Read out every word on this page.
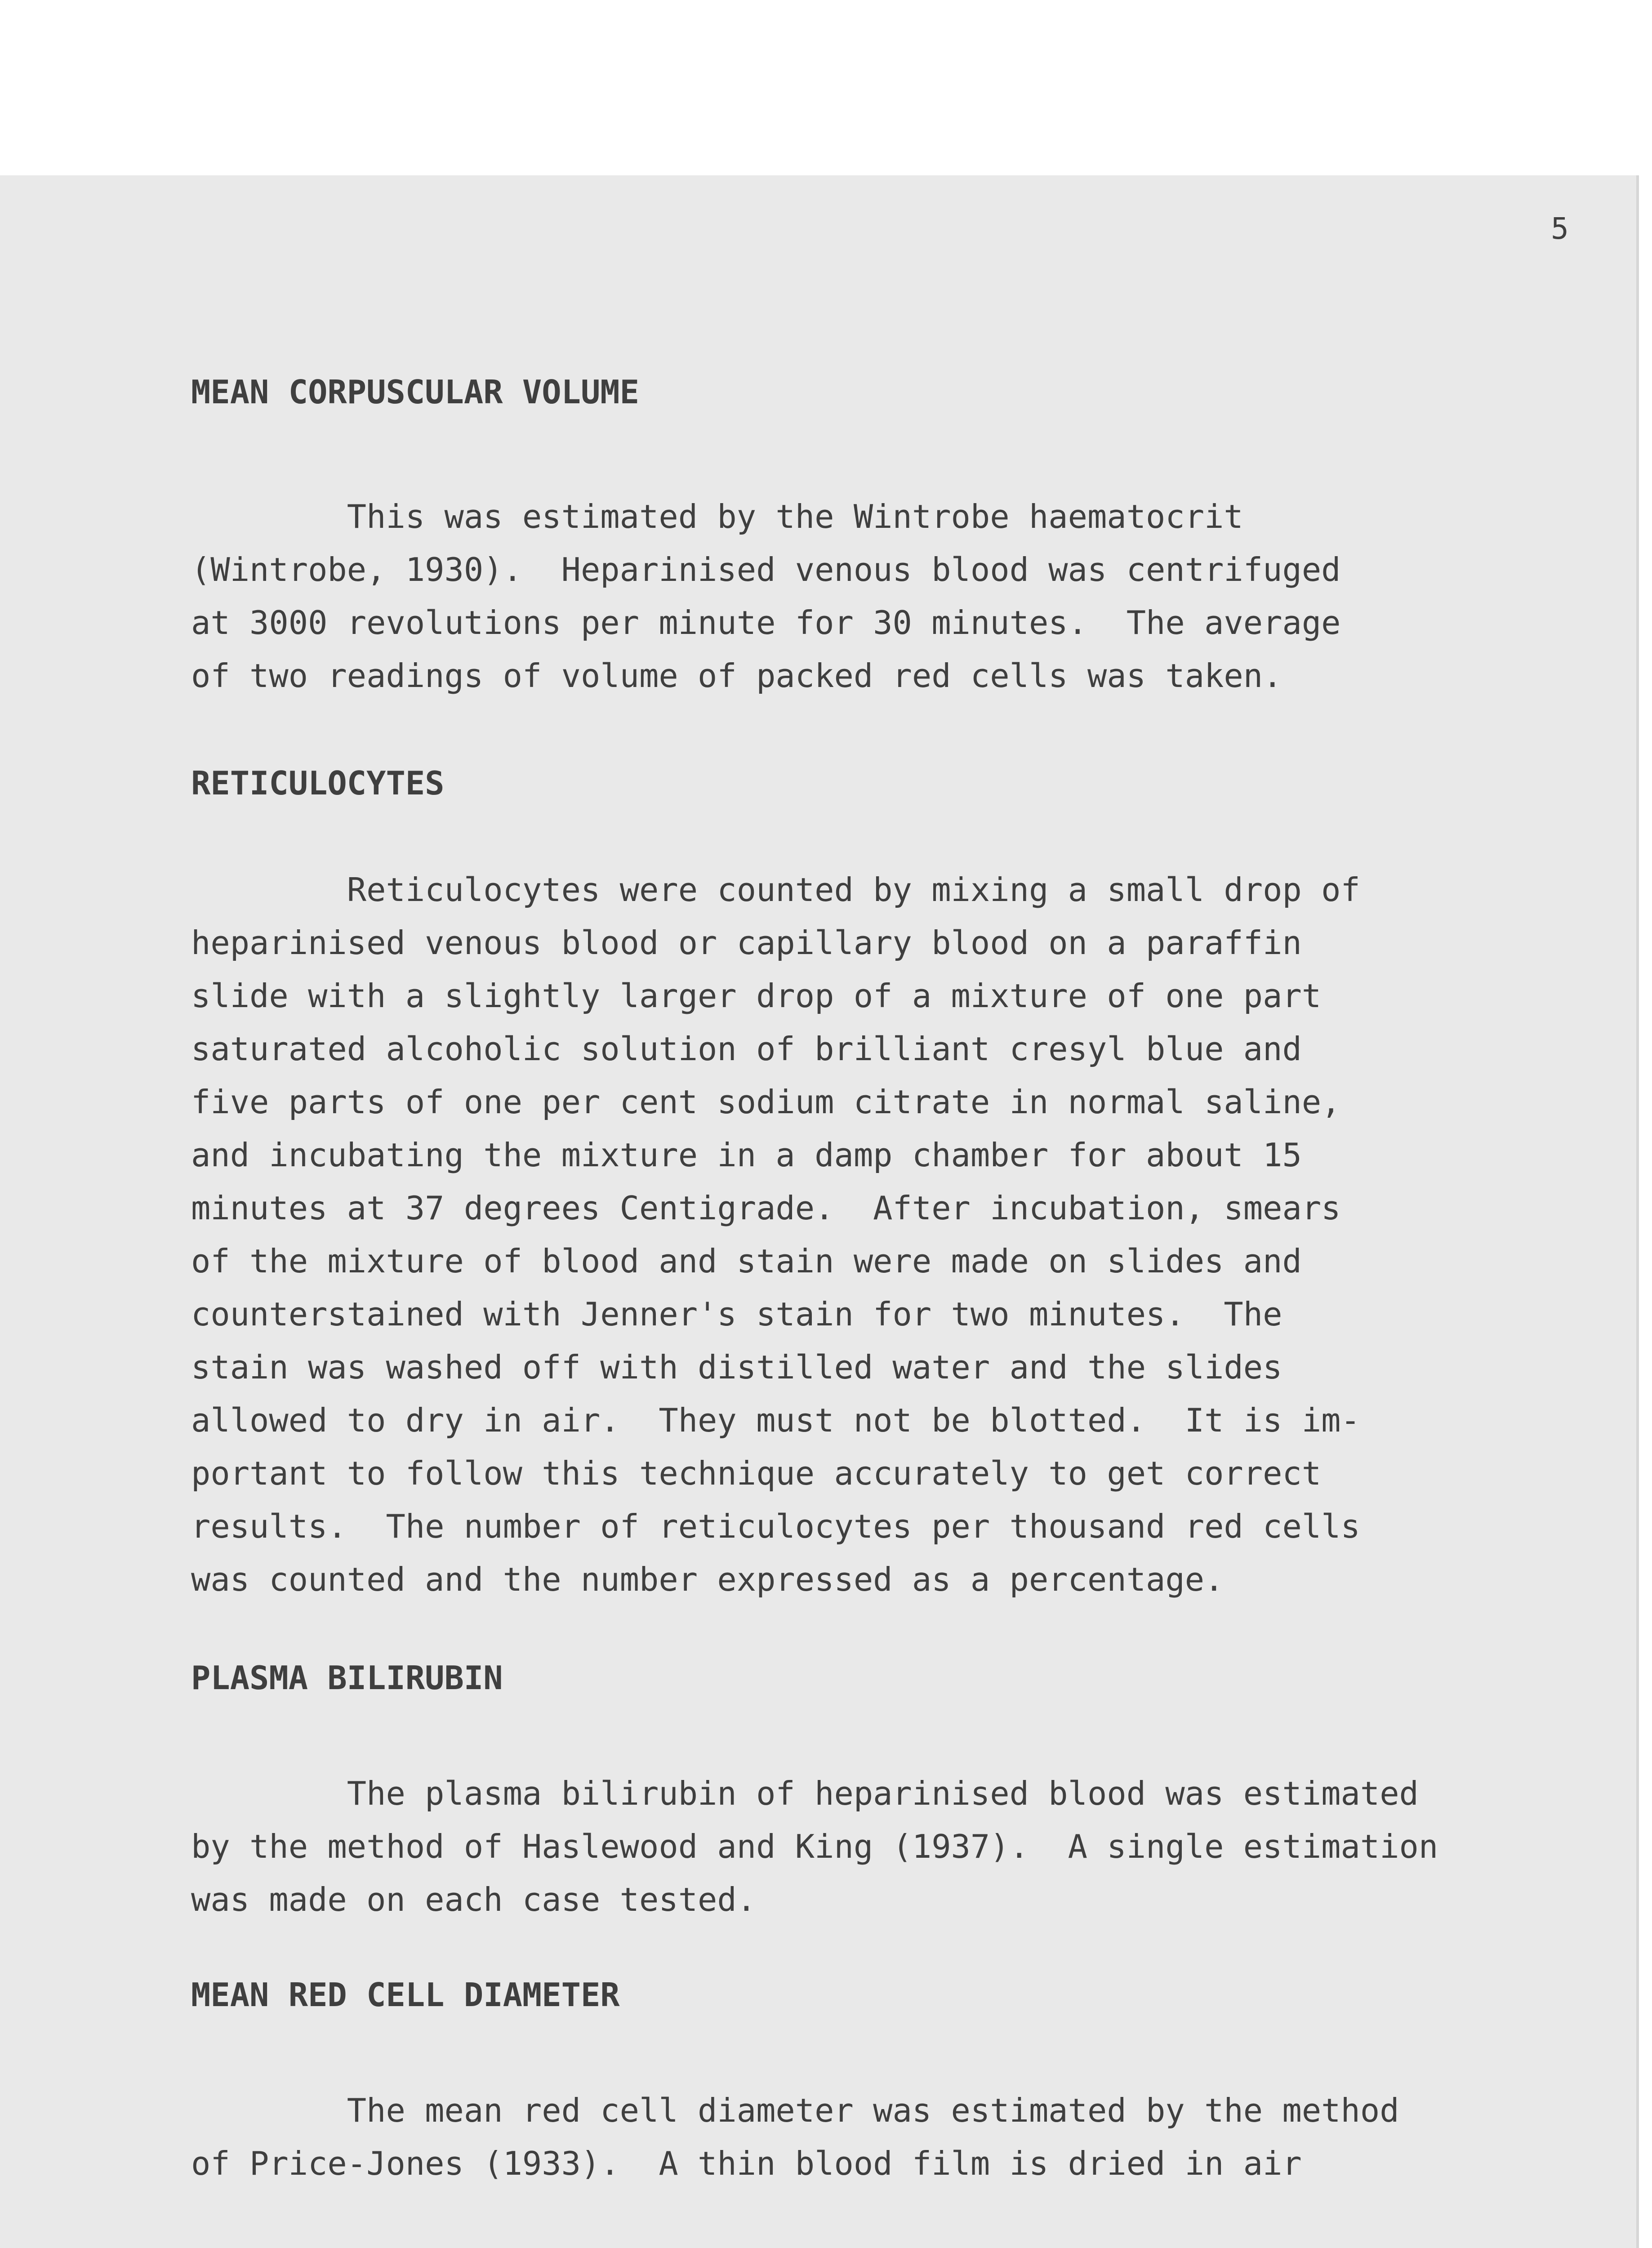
5
MEAN CORPUSCULAR VOLUME

This was estimated by the Wintrobe haematocrit
(Wintrobe, 1930).  Heparinised venous blood was centrifuged
at 3000 revolutions per minute for 30 minutes.  The average
of two readings of volume of packed red cells was taken.

RETICULOCYTES

Reticulocytes were counted by mixing a small drop of
heparinised venous blood or capillary blood on a paraffin
slide with a slightly larger drop of a mixture of one part
saturated alcoholic solution of brilliant cresyl blue and
five parts of one per cent sodium citrate in normal saline,
and incubating the mixture in a damp chamber for about 15
minutes at 37 degrees Centigrade.  After incubation, smears
of the mixture of blood and stain were made on slides and
counterstained with Jenner's stain for two minutes.  The
stain was washed off with distilled water and the slides
allowed to dry in air.  They must not be blotted.  It is im-
portant to follow this technique accurately to get correct
results.  The number of reticulocytes per thousand red cells
was counted and the number expressed as a percentage.

PLASMA BILIRUBIN

The plasma bilirubin of heparinised blood was estimated
by the method of Haslewood and King (1937).  A single estimation
was made on each case tested.

MEAN RED CELL DIAMETER

The mean red cell diameter was estimated by the method
of Price-Jones (1933).  A thin blood film is dried in air
